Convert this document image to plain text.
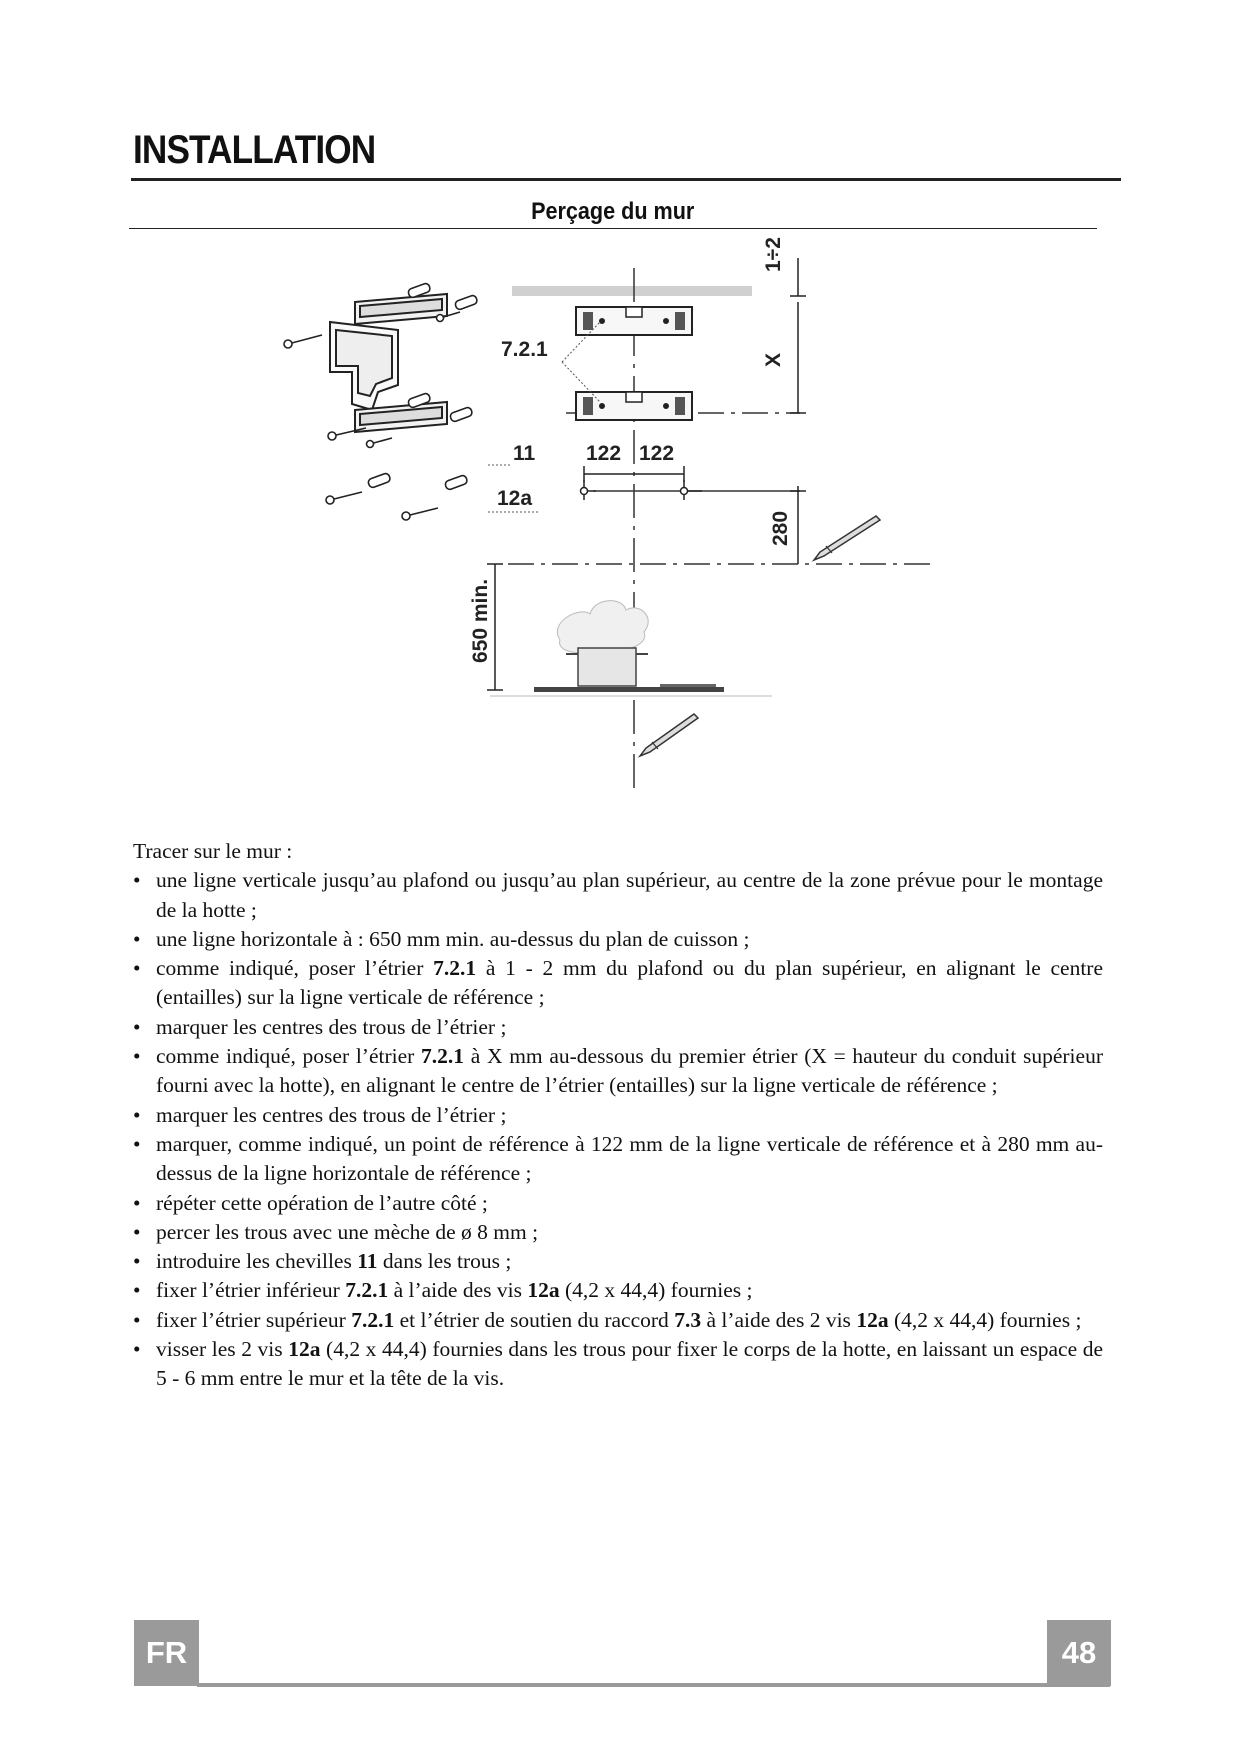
INSTALLATION
Perçage du mur
7.2.1
1÷2
X
11
12a
122 122
280
650 min.

Tracer sur le mur :

• une ligne verticale jusqu’au plafond ou jusqu’au plan supérieur, au centre de la zone prévue pour le montage de la hotte ;
• une ligne horizontale à : 650 mm min. au-dessus du plan de cuisson ;
• comme indiqué, poser l’étrier 7.2.1 à 1 - 2 mm du plafond ou du plan supérieur, en alignant le centre (entailles) sur la ligne verticale de référence ;
• marquer les centres des trous de l’étrier ;
• comme indiqué, poser l’étrier 7.2.1 à X mm au-dessous du premier étrier (X = hauteur du conduit supérieur fourni avec la hotte), en alignant le centre de l’étrier (entailles) sur la ligne verticale de référence ;
• marquer les centres des trous de l’étrier ;
• marquer, comme indiqué, un point de référence à 122 mm de la ligne verticale de référence et à 280 mm au-dessus de la ligne horizontale de référence ;
• répéter cette opération de l’autre côté ;
• percer les trous avec une mèche de ø 8 mm ;
• introduire les chevilles 11 dans les trous ;
• fixer l’étrier inférieur 7.2.1 à l’aide des vis 12a (4,2 x 44,4) fournies ;
• fixer l’étrier supérieur 7.2.1 et l’étrier de soutien du raccord 7.3 à l’aide des 2 vis 12a (4,2 x 44,4) fournies ;
• visser les 2 vis 12a (4,2 x 44,4) fournies dans les trous pour fixer le corps de la hotte, en laissant un espace de 5 - 6 mm entre le mur et la tête de la vis.
FR	48
